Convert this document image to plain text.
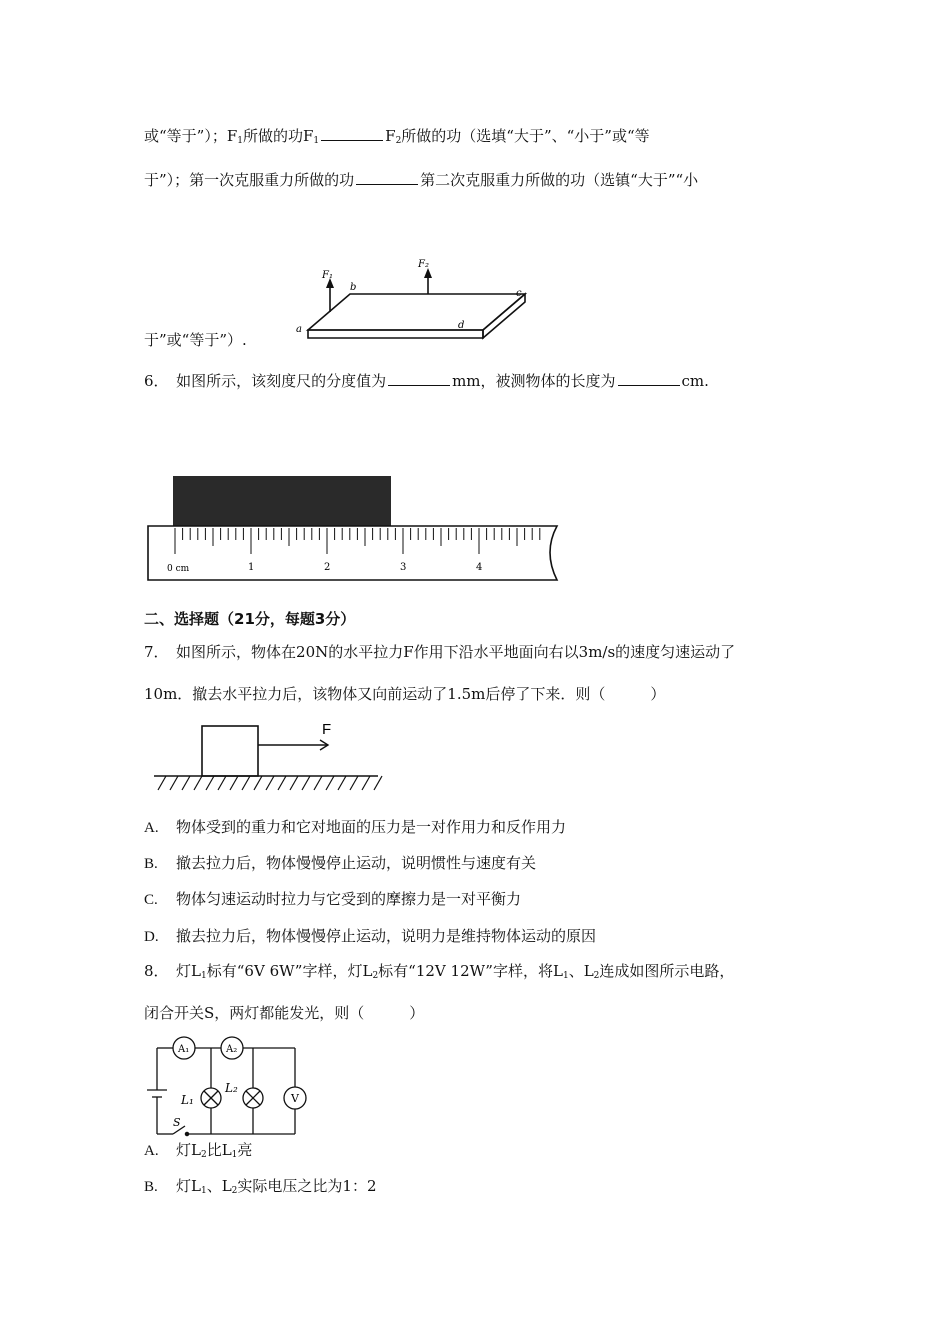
或“等于”）；$F_1$所做的功$F_1$	$F_2$所做的功（选填“大于”、“小于”或“等
于”）；第一次克服重力所做的功	第二次克服重力所做的功（选镇“大于”“小
F₁
F₂
a
b
c
d
于”或“等于”）.
6．　 如图所示，该刻度尺的分度值为	mm，被测物体的长度为	cm.
0 cm	1	2	3	4
二、选择题（21分，每题3分）
7．　如图所示，物体在20N的水平拉力F作用下沿水平地面向右以3m/s的速度匀速运动了
10m．撤去水平拉力后，该物体又向前运动了1.5m后停了下来．则（　　　）
F
A. 物体受到的重力和它对地面的压力是一对作用力和反作用力
B. 撤去拉力后，物体慢慢停止运动，说明惯性与速度有关
C. 物体匀速运动时拉力与它受到的摩擦力是一对平衡力
D. 撤去拉力后，物体慢慢停止运动，说明力是维持物体运动的原因
8．　灯$L_1$标有“6V 6W”字样，灯$L_2$标有“12V 12W”字样，将$L_1$、$L_2$连成如图所示电路，
闭合开关S，两灯都能发光，则（　　　）
A₁	A₂
L₁
L₂
V
S
A. 灯$L_2$比$L_1$亮
B. 灯$L_1$、$L_2$实际电压之比为1：2
